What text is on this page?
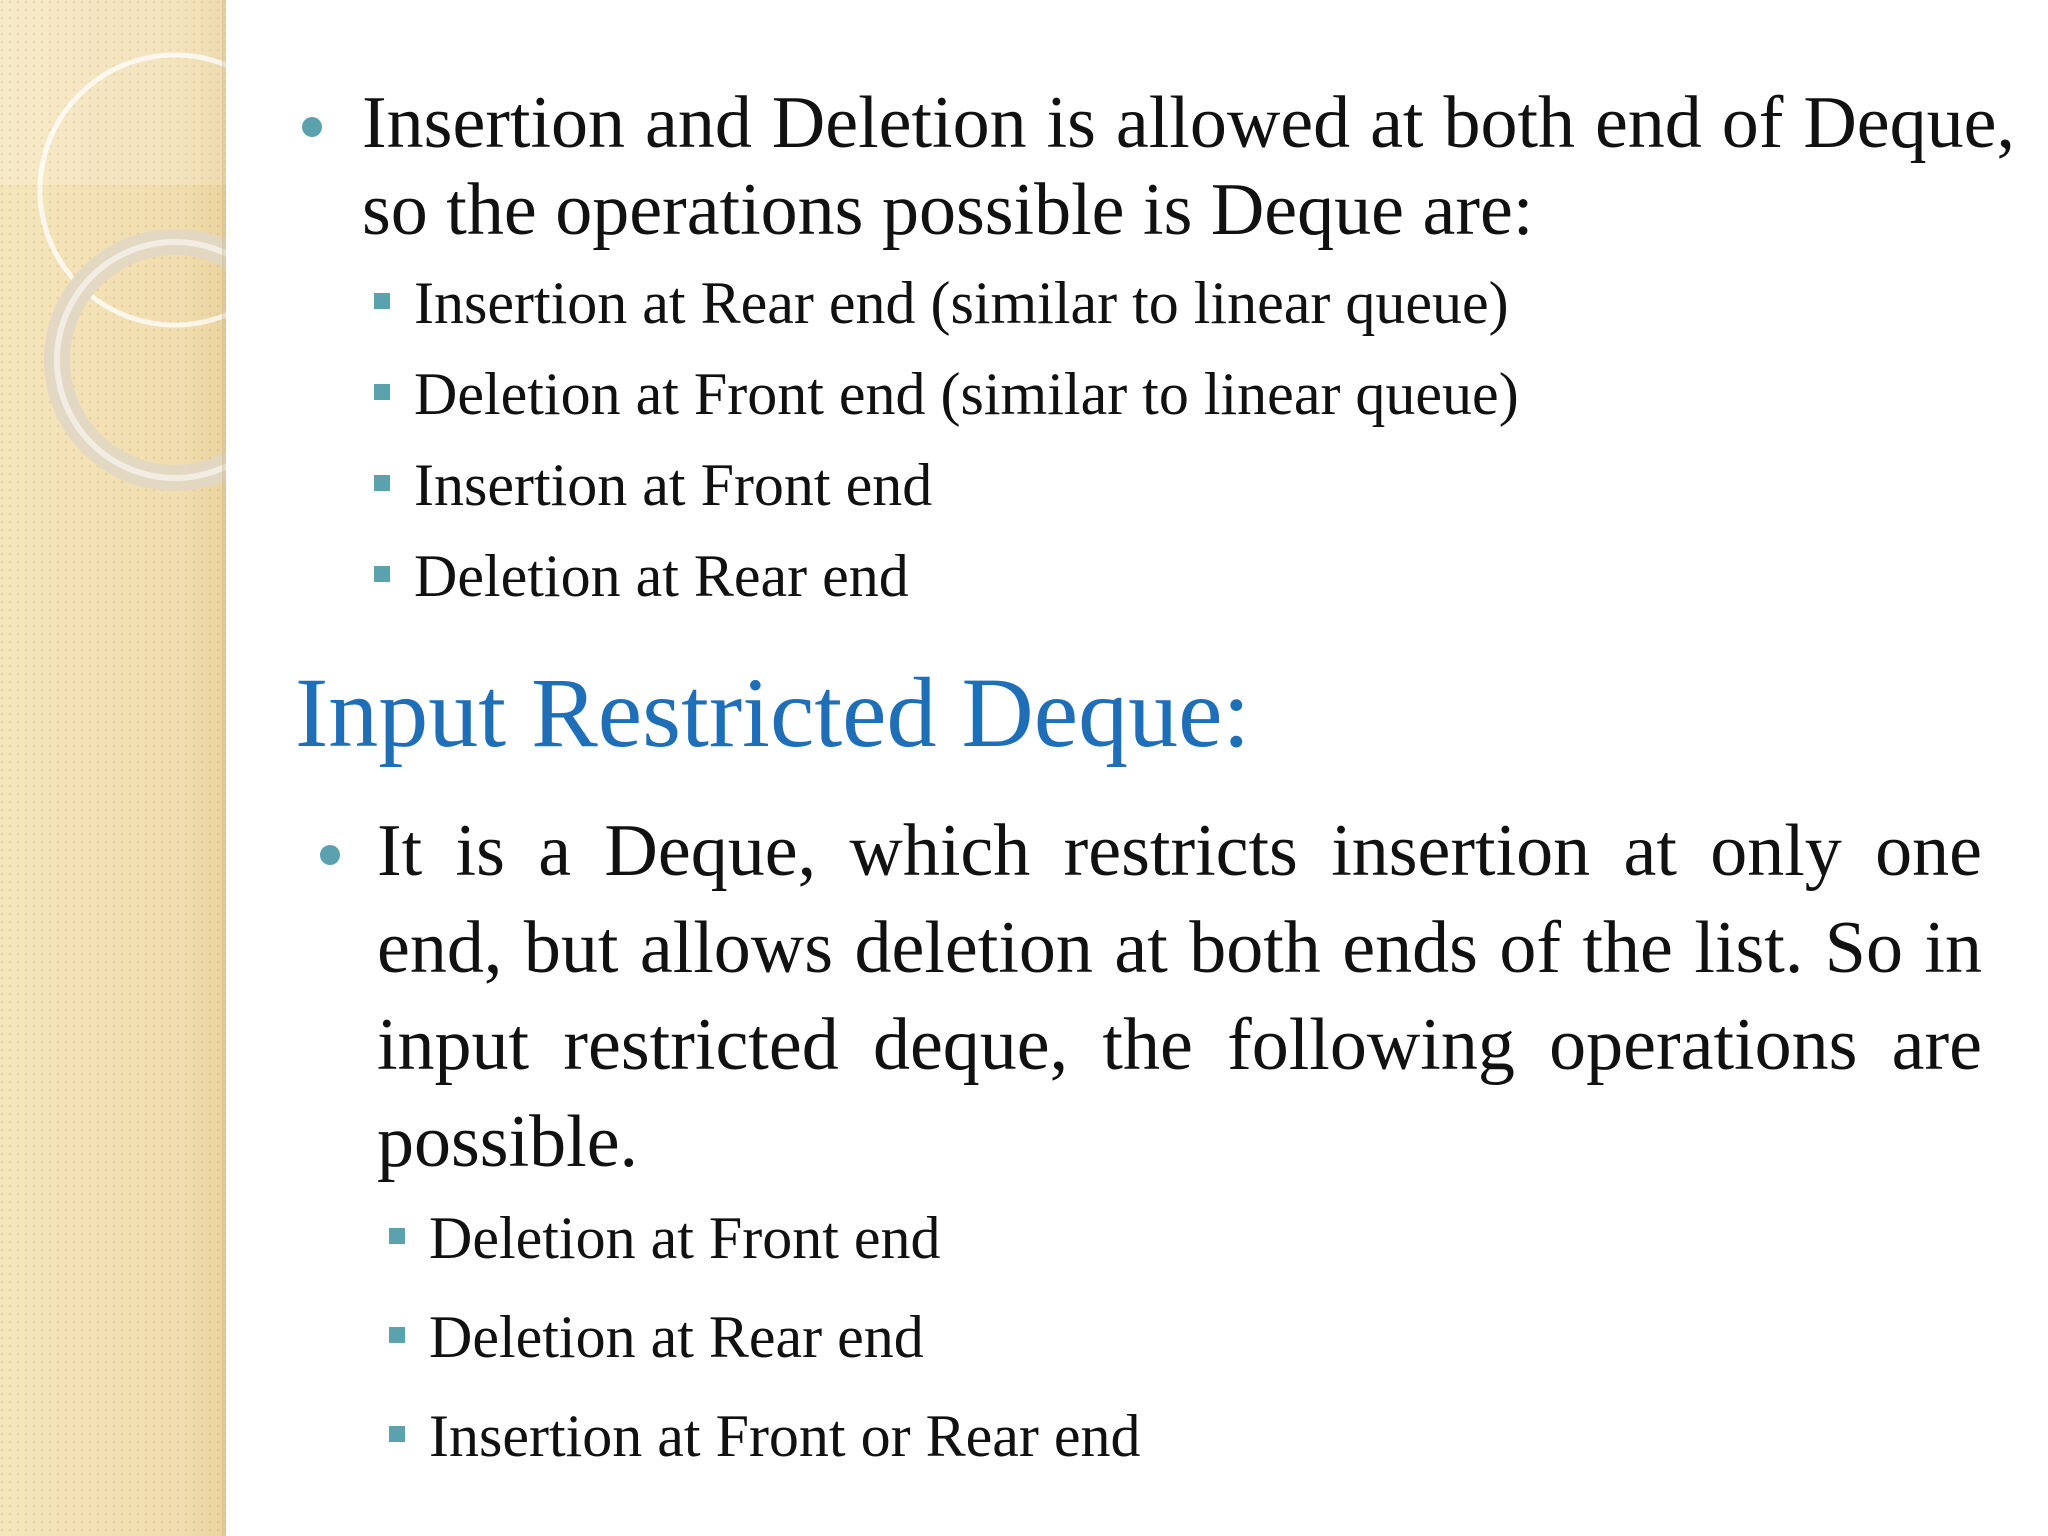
Insertion and Deletion is allowed at both end of Deque, so the operations possible is Deque are:
Insertion at Rear end (similar to linear queue)
Deletion at Front end (similar to linear queue)
Insertion at Front end
Deletion at Rear end
Input Restricted Deque:
It is a Deque, which restricts insertion at only one end, but allows deletion at both ends of the list. So in input restricted deque, the following operations are possible.
Deletion at Front end
Deletion at Rear end
Insertion at Front or Rear end
